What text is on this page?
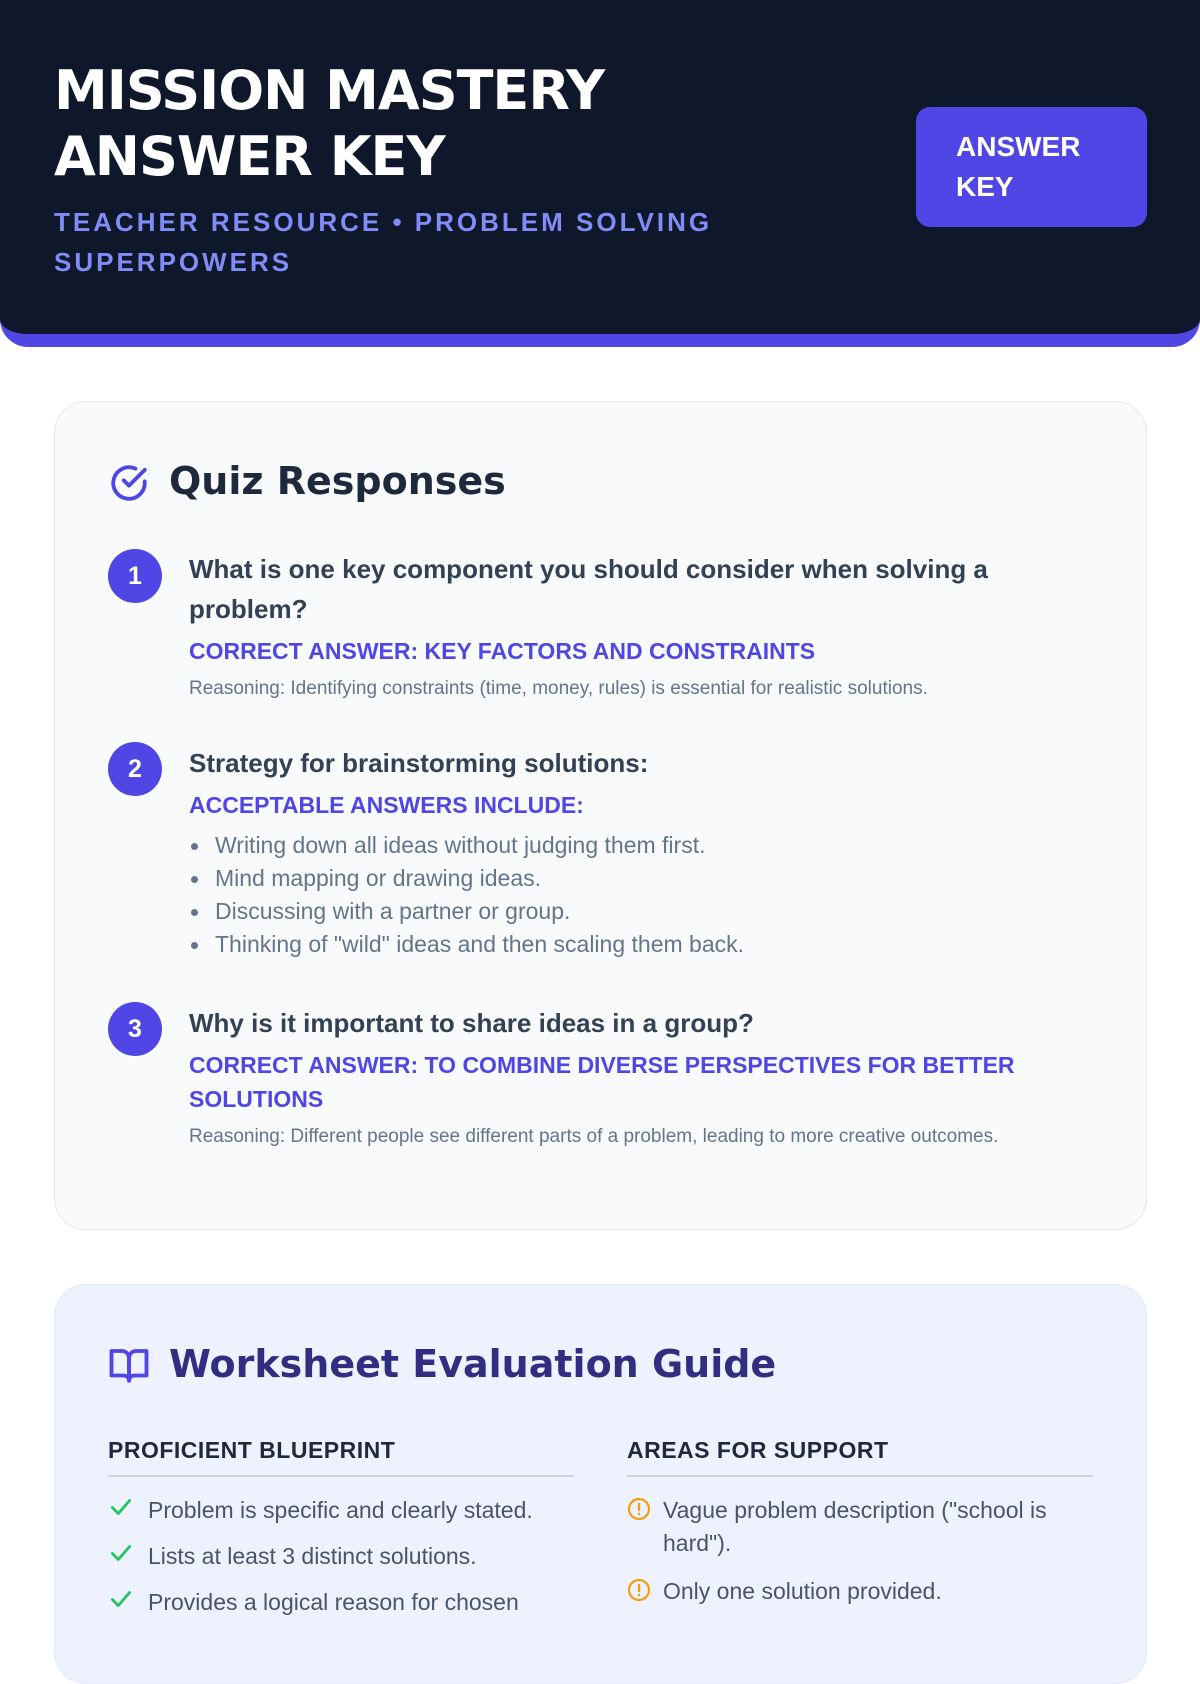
MISSION MASTERY
ANSWER KEY
TEACHER RESOURCE • PROBLEM SOLVING SUPERPOWERS
ANSWER KEY
Quiz Responses
1	What is one key component you should consider when solving a problem?
CORRECT ANSWER: KEY FACTORS AND CONSTRAINTS
Reasoning: Identifying constraints (time, money, rules) is essential for realistic solutions.
2	Strategy for brainstorming solutions:
ACCEPTABLE ANSWERS INCLUDE:
Writing down all ideas without judging them first.
Mind mapping or drawing ideas.
Discussing with a partner or group.
Thinking of "wild" ideas and then scaling them back.
3	Why is it important to share ideas in a group?
CORRECT ANSWER: TO COMBINE DIVERSE PERSPECTIVES FOR BETTER SOLUTIONS
Reasoning: Different people see different parts of a problem, leading to more creative outcomes.
Worksheet Evaluation Guide
PROFICIENT BLUEPRINT	AREAS FOR SUPPORT
Problem is specific and clearly stated.
Lists at least 3 distinct solutions.
Provides a logical reason for chosen
Vague problem description ("school is hard").
Only one solution provided.
